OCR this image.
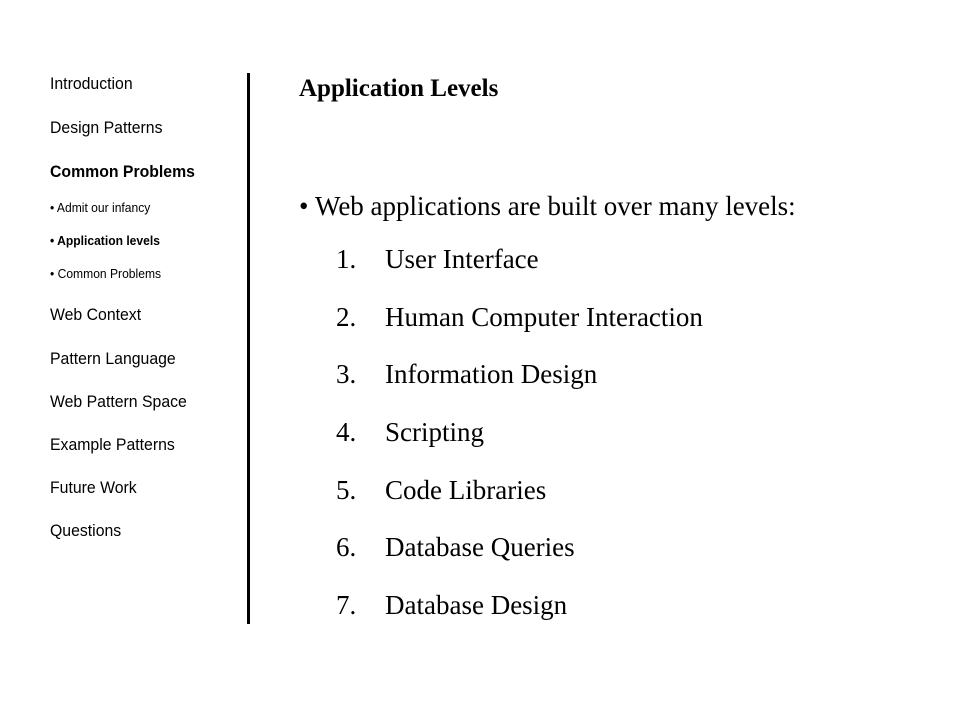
Introduction
Design Patterns
Common Problems
• Admit our infancy
• Application levels
• Common Problems
Web Context
Pattern Language
Web Pattern Space
Example Patterns
Future Work
Questions
Application Levels
• Web applications are built over many levels:
1. User Interface
2. Human Computer Interaction
3. Information Design
4. Scripting
5. Code Libraries
6. Database Queries
7. Database Design
